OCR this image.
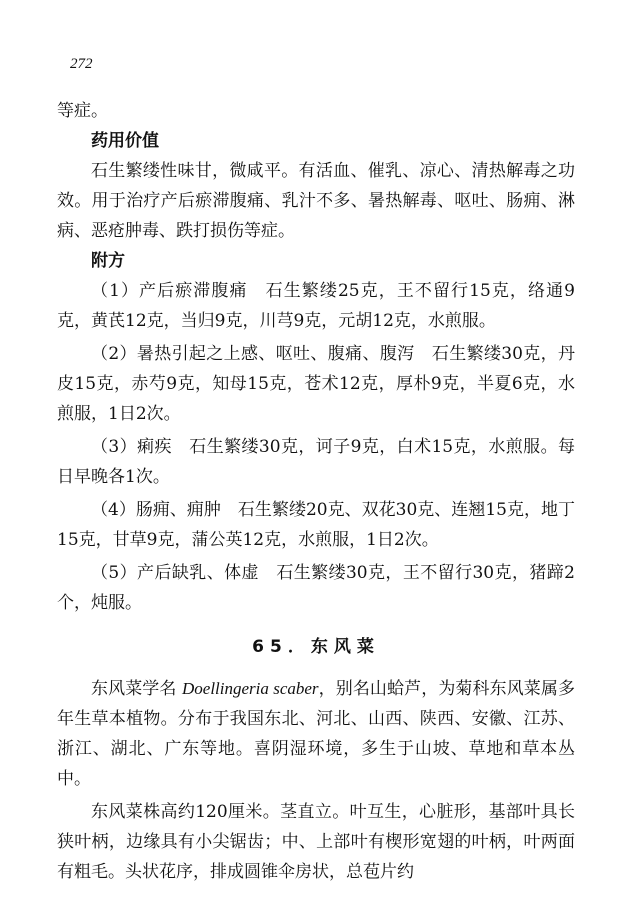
272

等症。

药用价值

石生繁缕性味甘，微咸平。有活血、催乳、凉心、清热解毒之功效。用于治疗产后瘀滞腹痛、乳汁不多、暑热解毒、呕吐、肠痈、淋病、恶疮肿毒、跌打损伤等症。

附方

（1）产后瘀滞腹痛　石生繁缕25克，王不留行15克，络通9克，黄芪12克，当归9克，川芎9克，元胡12克，水煎服。

（2）暑热引起之上感、呕吐、腹痛、腹泻　石生繁缕30克，丹皮15克，赤芍9克，知母15克，苍术12克，厚朴9克，半夏6克，水煎服，1日2次。

（3）痢疾　石生繁缕30克，诃子9克，白术15克，水煎服。每日早晚各1次。

（4）肠痈、痈肿　石生繁缕20克、双花30克、连翘15克，地丁15克，甘草9克，蒲公英12克，水煎服，1日2次。

（5）产后缺乳、体虚　石生繁缕30克，王不留行30克，猪蹄2个，炖服。

65．东风菜

东风菜学名 Doellingeria scaber，别名山蛤芦，为菊科东风菜属多年生草本植物。分布于我国东北、河北、山西、陕西、安徽、江苏、浙江、湖北、广东等地。喜阴湿环境，多生于山坡、草地和草本丛中。

东风菜株高约120厘米。茎直立。叶互生，心脏形，基部叶具长狭叶柄，边缘具有小尖锯齿；中、上部叶有楔形宽翅的叶柄，叶两面有粗毛。头状花序，排成圆锥伞房状，总苞片约
